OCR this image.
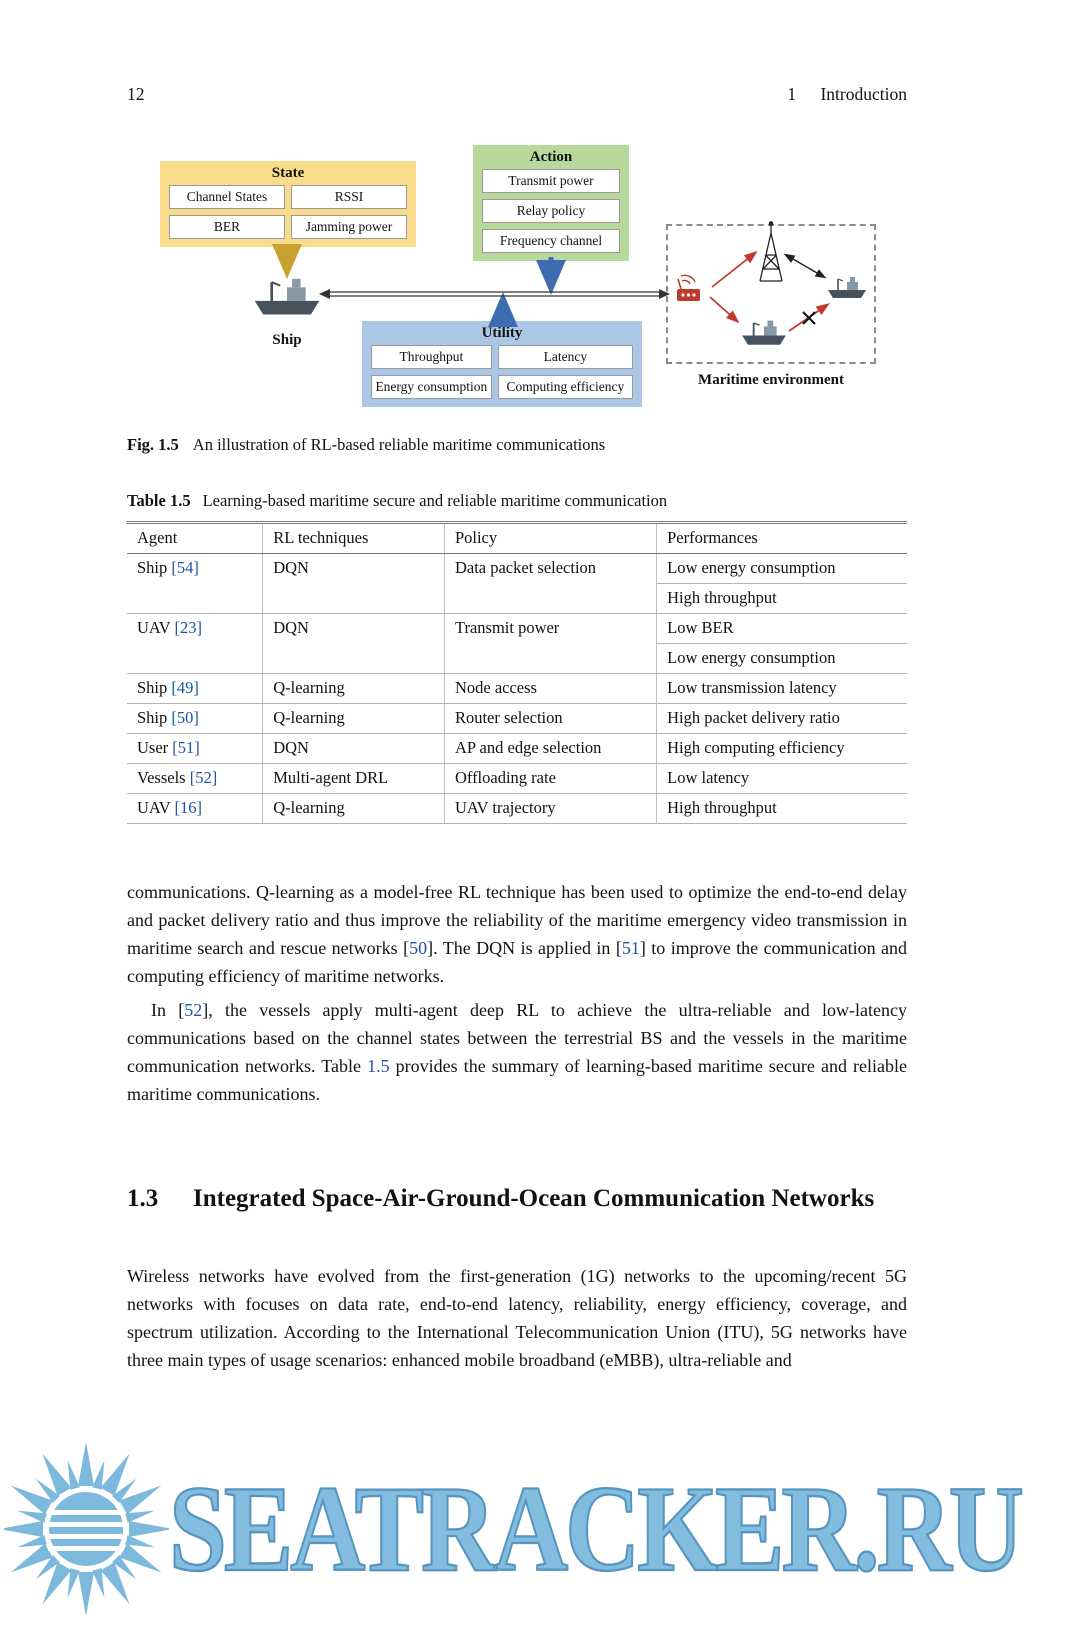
12	1 Introduction
State
Channel States	RSSI
BER	Jamming power
Action
Transmit power
Relay policy
Frequency channel
Utility
Throughput	Latency
Energy consumption	Computing efficiency
Ship
Maritime environment
Fig. 1.5 An illustration of RL-based reliable maritime communications
Table 1.5 Learning-based maritime secure and reliable maritime communication
Agent	RL techniques	Policy	Performances
Ship [54]	DQN	Data packet selection	Low energy consumption
			High throughput
UAV [23]	DQN	Transmit power	Low BER
			Low energy consumption
Ship [49]	Q-learning	Node access	Low transmission latency
Ship [50]	Q-learning	Router selection	High packet delivery ratio
User [51]	DQN	AP and edge selection	High computing efficiency
Vessels [52]	Multi-agent DRL	Offloading rate	Low latency
UAV [16]	Q-learning	UAV trajectory	High throughput

communications. Q-learning as a model-free RL technique has been used to optimize the end-to-end delay and packet delivery ratio and thus improve the reliability of the maritime emergency video transmission in maritime search and rescue networks [50]. The DQN is applied in [51] to improve the communication and computing efficiency of maritime networks.

In [52], the vessels apply multi-agent deep RL to achieve the ultra-reliable and low-latency communications based on the channel states between the terrestrial BS and the vessels in the maritime communication networks. Table 1.5 provides the summary of learning-based maritime secure and reliable maritime communications.

1.3	Integrated Space-Air-Ground-Ocean Communication Networks

Wireless networks have evolved from the first-generation (1G) networks to the upcoming/recent 5G networks with focuses on data rate, end-to-end latency, reliability, energy efficiency, coverage, and spectrum utilization. According to the International Telecommunication Union (ITU), 5G networks have three main types of usage scenarios: enhanced mobile broadband (eMBB), ultra-reliable and

SEATRACKER.RU
